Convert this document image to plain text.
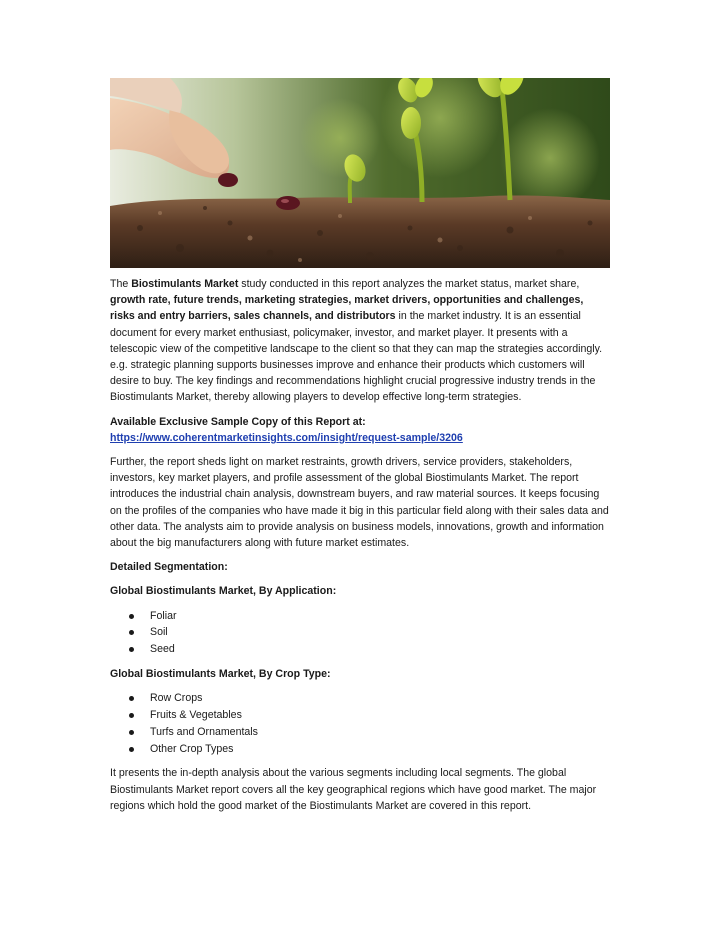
The Biostimulants Market study conducted in this report analyzes the market status, market share, growth rate, future trends, marketing strategies, market drivers, opportunities and challenges, risks and entry barriers, sales channels, and distributors in the market industry. It is an essential document for every market enthusiast, policymaker, investor, and market player. It presents with a telescopic view of the competitive landscape to the client so that they can map the strategies accordingly. e.g. strategic planning supports businesses improve and enhance their products which customers will desire to buy. The key findings and recommendations highlight crucial progressive industry trends in the Biostimulants Market, thereby allowing players to develop effective long-term strategies.

Available Exclusive Sample Copy of this Report at:
https://www.coherentmarketinsights.com/insight/request-sample/3206

Further, the report sheds light on market restraints, growth drivers, service providers, stakeholders, investors, key market players, and profile assessment of the global Biostimulants Market. The report introduces the industrial chain analysis, downstream buyers, and raw material sources. It keeps focusing on the profiles of the companies who have made it big in this particular field along with their sales data and other data. The analysts aim to provide analysis on business models, innovations, growth and information about the big manufacturers along with future market estimates.

Detailed Segmentation:

Global Biostimulants Market, By Application:

Foliar
Soil
Seed

Global Biostimulants Market, By Crop Type:

Row Crops
Fruits & Vegetables
Turfs and Ornamentals
Other Crop Types

It presents the in-depth analysis about the various segments including local segments. The global Biostimulants Market report covers all the key geographical regions which have good market. The major regions which hold the good market of the Biostimulants Market are covered in this report.
